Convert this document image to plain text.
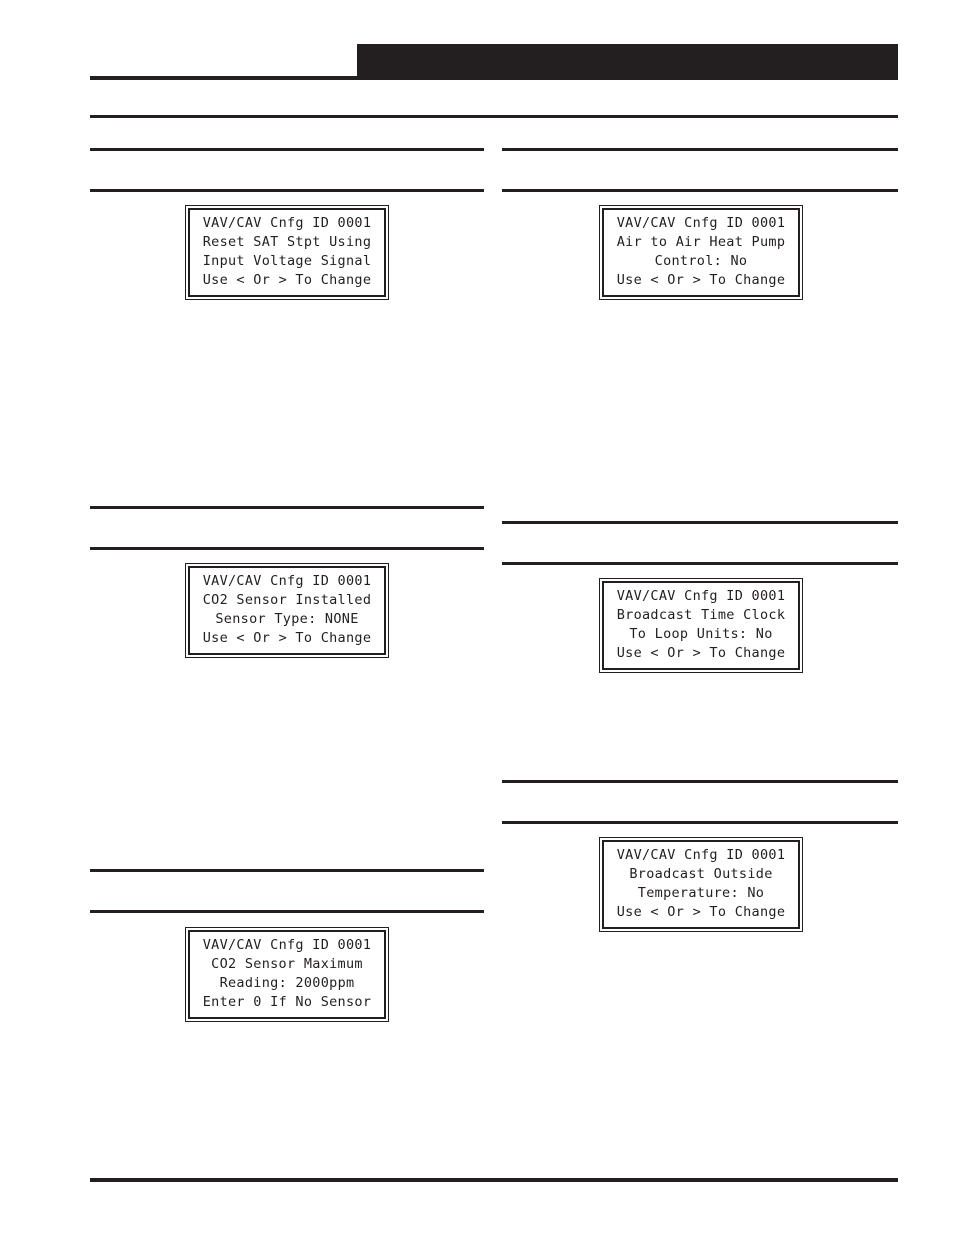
VAV/CAV Cnfg ID 0001
Reset SAT Stpt Using
Input Voltage Signal
Use < Or > To Change
VAV/CAV Cnfg ID 0001
CO2 Sensor Installed
Sensor Type: NONE
Use < Or > To Change
VAV/CAV Cnfg ID 0001
CO2 Sensor Maximum
Reading: 2000ppm
Enter 0 If No Sensor
VAV/CAV Cnfg ID 0001
Air to Air Heat Pump
Control: No
Use < Or > To Change
VAV/CAV Cnfg ID 0001
Broadcast Time Clock
To Loop Units: No
Use < Or > To Change
VAV/CAV Cnfg ID 0001
Broadcast Outside
Temperature: No
Use < Or > To Change
